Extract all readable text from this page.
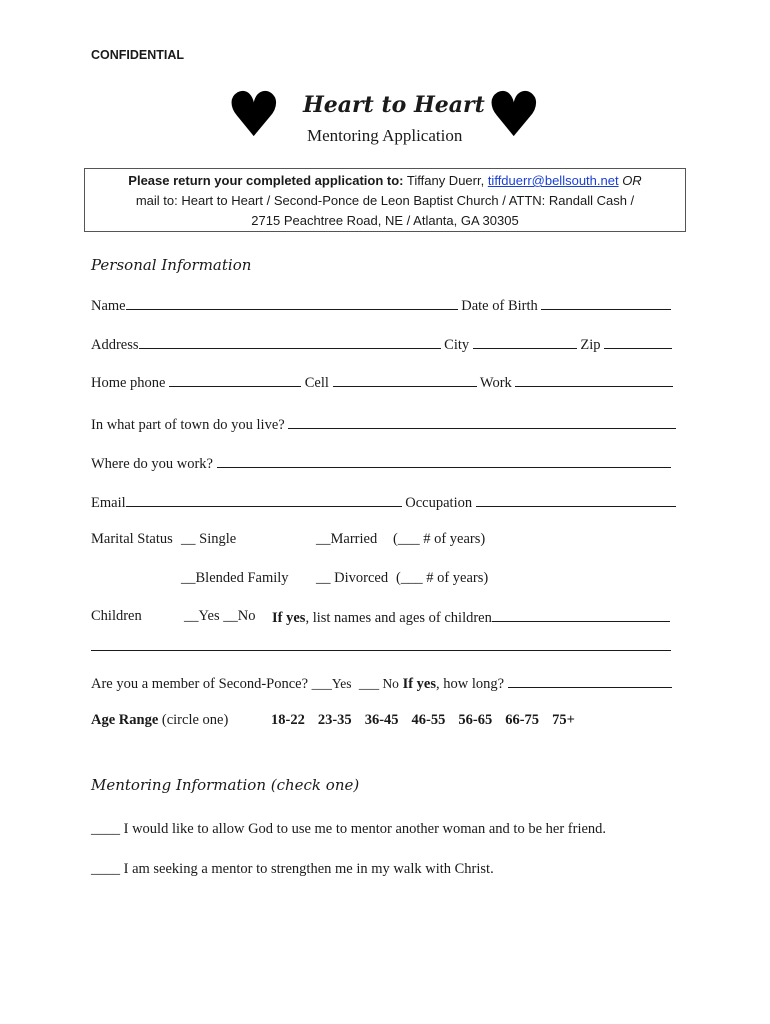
CONFIDENTIAL
♥	♥
Heart to Heart
Mentoring Application
Please return your completed application to: Tiffany Duerr, tiffduerr@bellsouth.net OR
mail to: Heart to Heart / Second-Ponce de Leon Baptist Church / ATTN: Randall Cash /
2715 Peachtree Road, NE / Atlanta, GA 30305
Personal Information
Name	Date of Birth
Address	City	Zip
Home phone	Cell	Work
In what part of town do you live?
Where do you work?
Email	Occupation
Marital Status __ Single	__Married (___ # of years)
__Blended Family __ Divorced (___ # of years)
Children	__Yes __No If yes, list names and ages of children
Are you a member of Second-Ponce? ___Yes ___ No If yes, how long?
Age Range (circle one)	18-22 23-35 36-45 46-55 56-65 66-75 75+
Mentoring Information (check one)
____ I would like to allow God to use me to mentor another woman and to be her friend.
____ I am seeking a mentor to strengthen me in my walk with Christ.
